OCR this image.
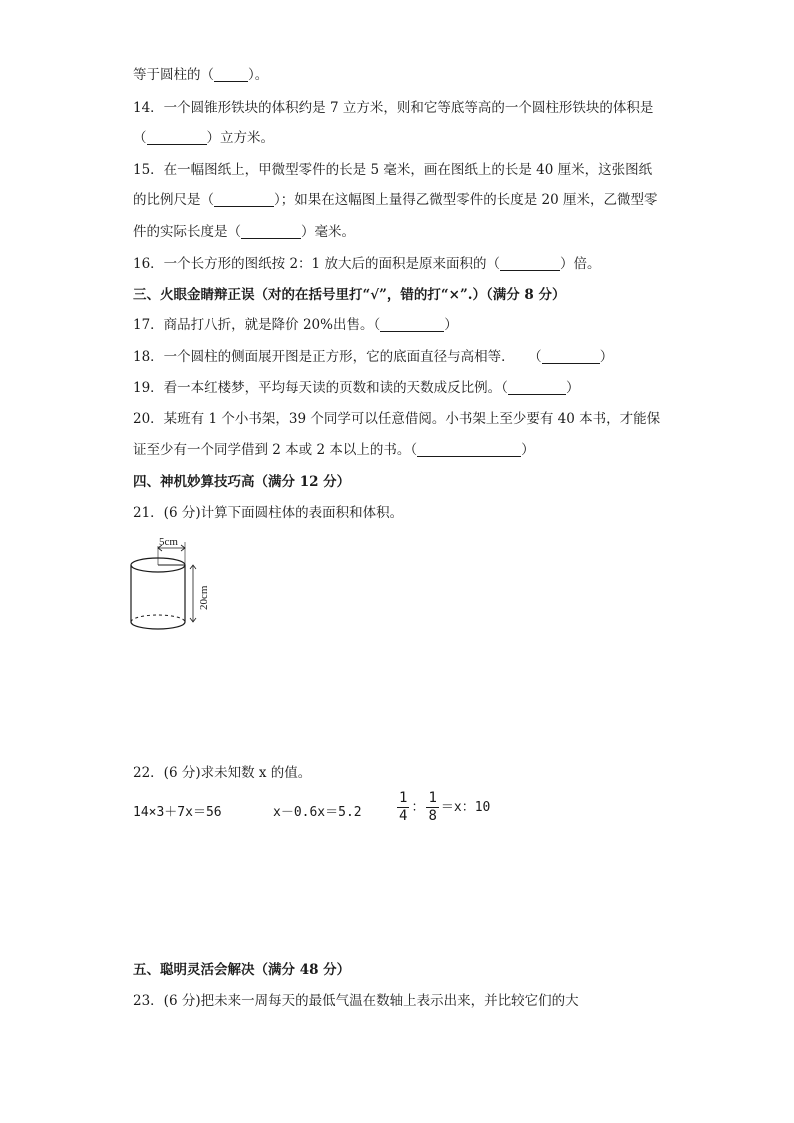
等于圆柱的（	）。
14．一个圆锥形铁块的体积约是 7 立方米，则和它等底等高的一个圆柱形铁块的体积是
（	）立方米。
15．在一幅图纸上，甲微型零件的长是 5 毫米，画在图纸上的长是 40 厘米，这张图纸
的比例尺是（	）；如果在这幅图上量得乙微型零件的长度是 20 厘米，乙微型零
件的实际长度是（	）毫米。
16．一个长方形的图纸按 2：1 放大后的面积是原来面积的（	）倍。
三、火眼金睛辩正误（对的在括号里打“√”，错的打“×”.）（满分 8 分）
17．商品打八折，就是降价 20%出售。（	）
18．一个圆柱的侧面展开图是正方形，它的底面直径与高相等．　　（	）
19．看一本红楼梦，平均每天读的页数和读的天数成反比例。（	）
20．某班有 1 个小书架，39 个同学可以任意借阅。小书架上至少要有 40 本书，才能保
证至少有一个同学借到 2 本或 2 本以上的书。（	）
四、神机妙算技巧高（满分 12 分）
21．(6 分)计算下面圆柱体的表面积和体积。
5cm
20cm
22．(6 分)求未知数 x 的值。
14×3＋7x＝56	x－0.6x＝5.2	$\frac{1}{4}$ ： $\frac{1}{8} =x$：10
五、聪明灵活会解决（满分 48 分）
23．(6 分)把未来一周每天的最低气温在数轴上表示出来，并比较它们的大
